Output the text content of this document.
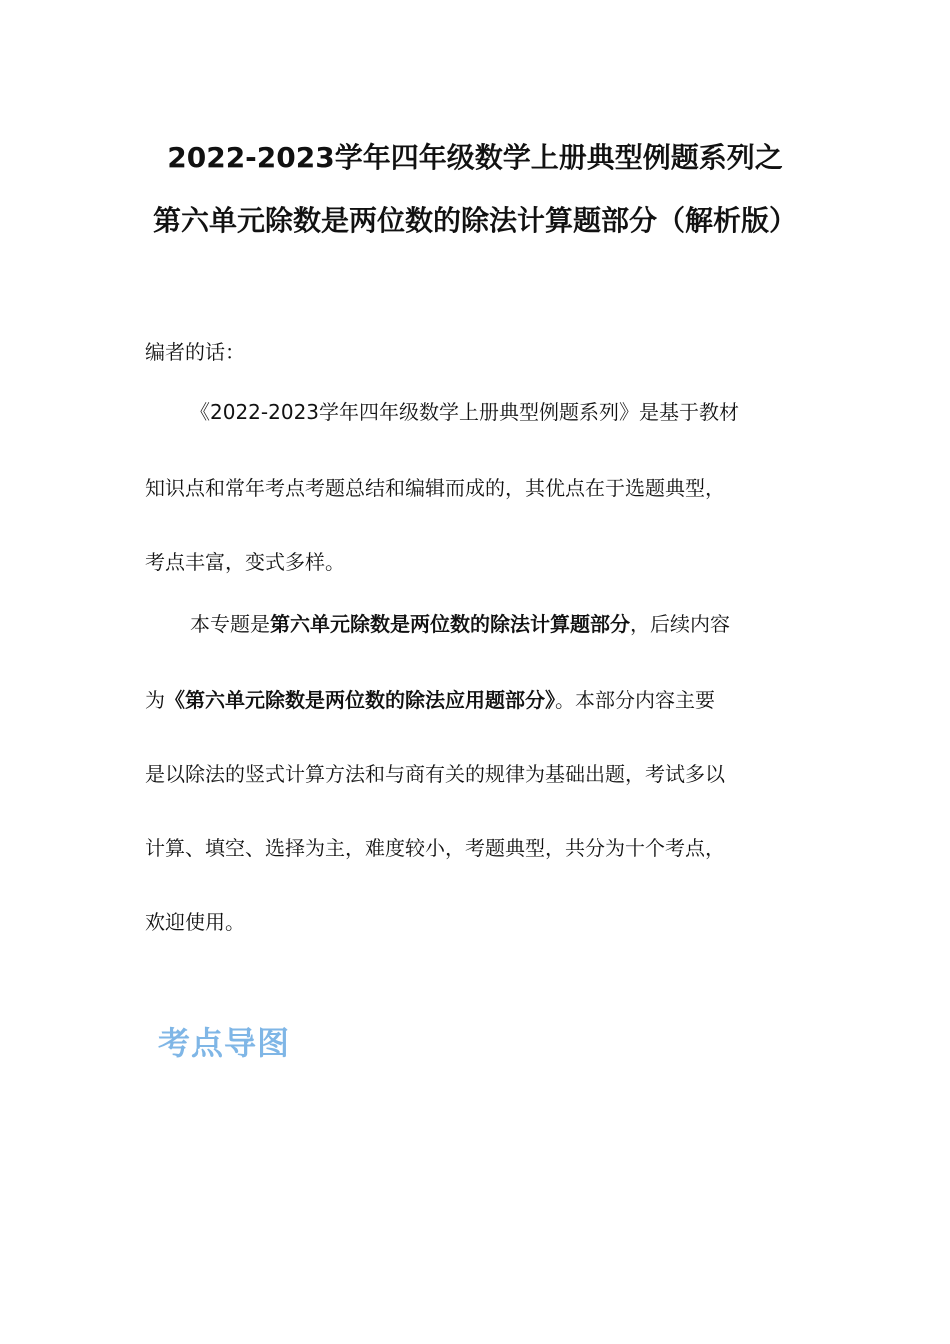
2022-2023学年四年级数学上册典型例题系列之
第六单元除数是两位数的除法计算题部分（解析版）
编者的话：
《2022-2023学年四年级数学上册典型例题系列》是基于教材
知识点和常年考点考题总结和编辑而成的，其优点在于选题典型，
考点丰富，变式多样。
本专题是第六单元除数是两位数的除法计算题部分，后续内容
为《第六单元除数是两位数的除法应用题部分》。本部分内容主要
是以除法的竖式计算方法和与商有关的规律为基础出题，考试多以
计算、填空、选择为主，难度较小，考题典型，共分为十个考点，
欢迎使用。
考点导图
